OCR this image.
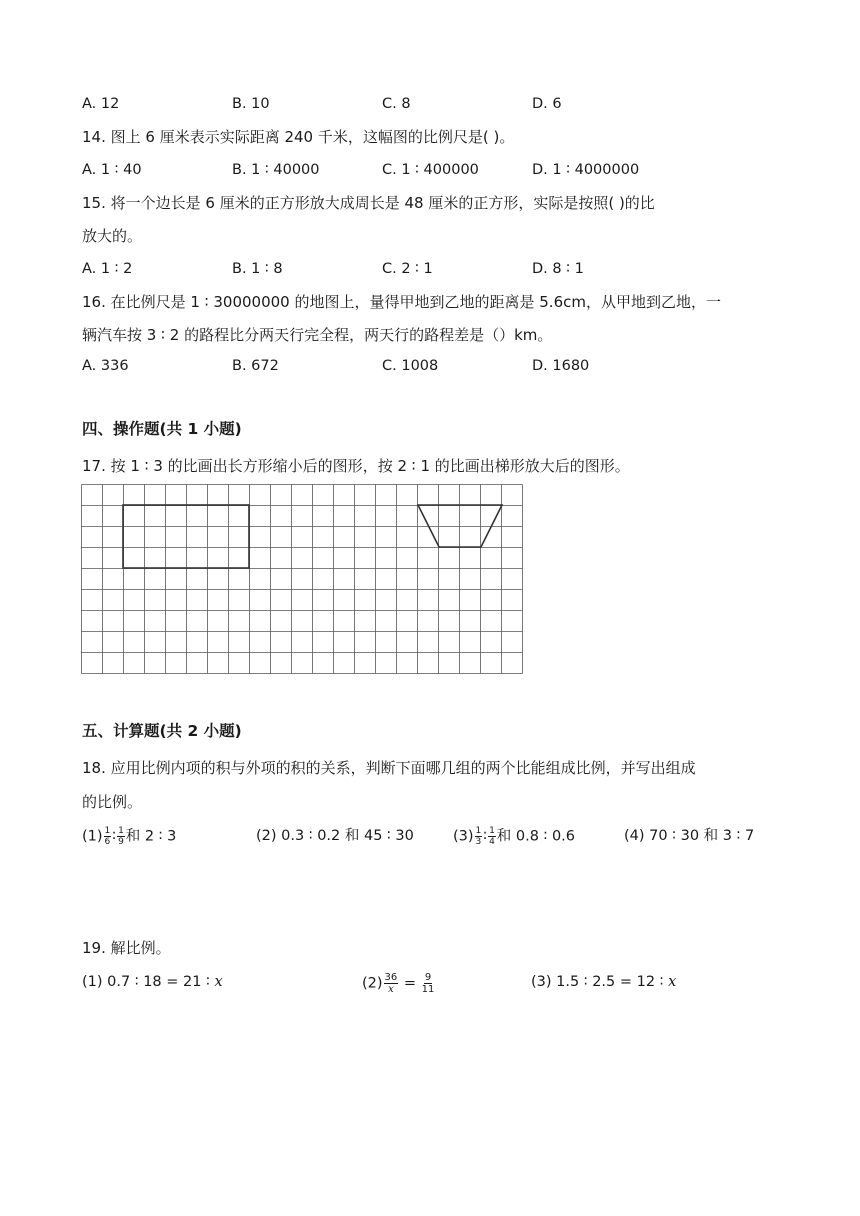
A. 12	B. 10	C. 8	D. 6
14. 图上 6 厘米表示实际距离 240 千米，这幅图的比例尺是( )。
A. 1 ∶ 40	B. 1 ∶ 40000	C. 1 ∶ 400000	D. 1 ∶ 4000000
15. 将一个边长是 6 厘米的正方形放大成周长是 48 厘米的正方形，实际是按照( )的比
放大的。
A. 1 ∶ 2	B. 1 ∶ 8	C. 2 ∶ 1	D. 8 ∶ 1
16. 在比例尺是 1 ∶ 30000000 的地图上，量得甲地到乙地的距离是 5.6cm，从甲地到乙地，一
辆汽车按 3 ∶ 2 的路程比分两天行完全程，两天行的路程差是（）km。
A. 336	B. 672	C. 1008	D. 1680
四、操作题(共 1 小题)
17. 按 1 ∶ 3 的比画出长方形缩小后的图形，按 2 ∶ 1 的比画出梯形放大后的图形。
五、计算题(共 2 小题)
18. 应用比例内项的积与外项的积的关系，判断下面哪几组的两个比能组成比例，并写出组成
的比例。
$(1) \frac{1}{6}$ ∶ $\frac{1}{9}$ 和 2 ∶ 3	(2) 0.3 ∶ 0.2 和 45 ∶ 30	$(3) \frac{1}{3}$ ∶ $\frac{1}{4}$ 和 0.8 ∶ 0.6	(4) 70 ∶ 30 和 3 ∶ 7
19. 解比例。
(1) 0.7 ∶ 18 = 21 ∶ x	$(2) \frac{36}{x} = \frac{9}{11}$	(3) 1.5 ∶ 2.5 = 12 ∶ x
